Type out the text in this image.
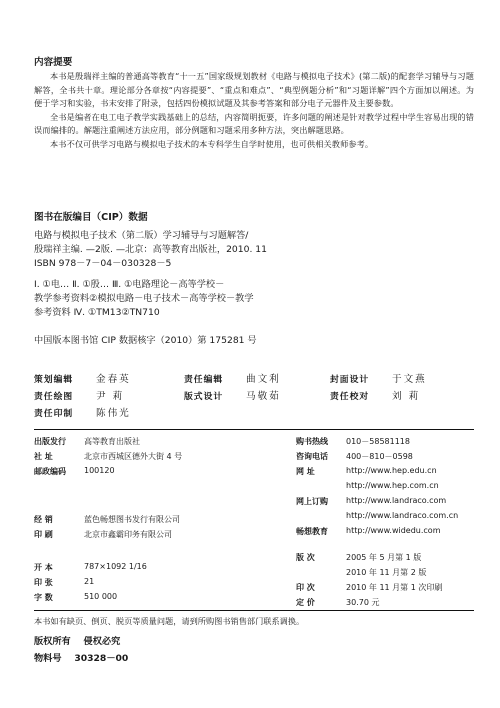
内容提要

本书是殷瑞祥主编的普通高等教育“十一五”国家级规划教材《电路与模拟电子技术》(第二版)的配套学习辅导与习题解答，全书共十章。理论部分各章按“内容提要”、“重点和难点”、“典型例题分析”和“习题详解”四个方面加以阐述。为便于学习和实验，书末安排了附录，包括四份模拟试题及其参考答案和部分电子元器件及主要参数。

全书是编者在电工电子教学实践基础上的总结，内容简明扼要，许多问题的阐述是针对教学过程中学生容易出现的错误而编排的。解题注重阐述方法应用，部分例题和习题采用多种方法，突出解题思路。

本书不仅可供学习电路与模拟电子技术的本专科学生自学时使用，也可供相关教师参考。

图书在版编目（CIP）数据

电路与模拟电子技术（第二版）学习辅导与习题解答/

殷瑞祥主编. —2版. —北京：高等教育出版社，2010. 11

ISBN 978－7－04－030328－5

Ⅰ. ①电… Ⅱ. ①殷… Ⅲ. ①电路理论－高等学校－

教学参考资料②模拟电路－电子技术－高等学校－教学

参考资料 Ⅳ. ①TM13②TN710

中国版本图书馆 CIP 数据核字（2010）第 175281 号
策划编辑	金春英	责任编辑	曲文利	封面设计	于文燕
责任绘图	尹 莉	版式设计	马敬茹	责任校对	刘 莉
责任印制	陈伟光
出版发行	高等教育出版社
社 址	北京市西城区德外大街 4 号
邮政编码	100120
经 销	蓝色畅想图书发行有限公司
印 刷	北京市鑫霸印务有限公司
购书热线	010－58581118
咨询电话	400－810－0598
网 址	http://www.hep.edu.cn
http://www.hep.com.cn
网上订购	http://www.landraco.com
http://www.landraco.com.cn
畅想教育	http://www.widedu.com
开 本	787×1092 1/16
印 张	21
字 数	510 000
版 次	2005 年 5 月第 1 版
2010 年 11 月第 2 版
印 次	2010 年 11 月第 1 次印刷
定 价	30.70 元
本书如有缺页、倒页、脱页等质量问题，请到所购图书销售部门联系调换。
版权所有    侵权必究
物料号    30328－00
